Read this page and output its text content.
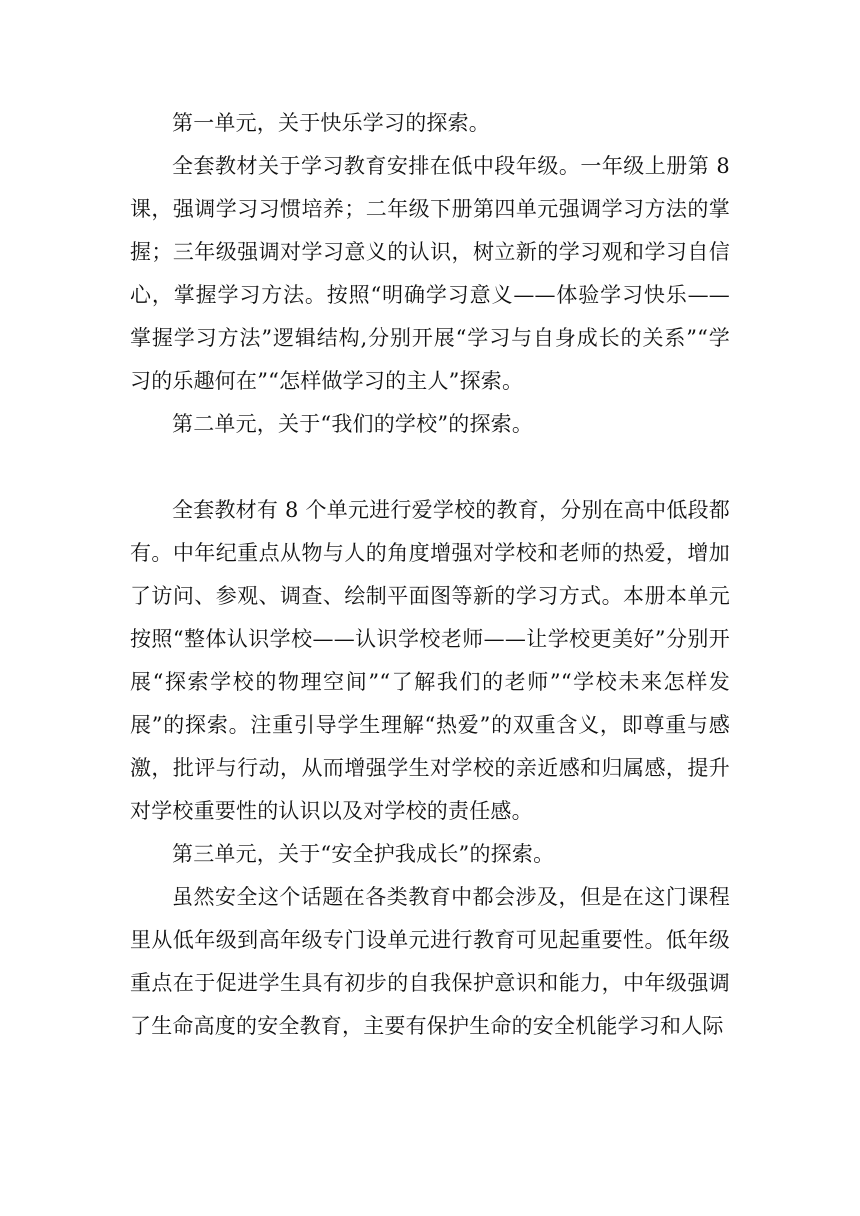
第一单元，关于快乐学习的探索。

全套教材关于学习教育安排在低中段年级。一年级上册第 8 课，强调学习习惯培养；二年级下册第四单元强调学习方法的掌握；三年级强调对学习意义的认识，树立新的学习观和学习自信心，掌握学习方法。按照“明确学习意义——体验学习快乐——掌握学习方法”逻辑结构,分别开展“学习与自身成长的关系”“学习的乐趣何在”“怎样做学习的主人”探索。

第二单元，关于“我们的学校”的探索。

全套教材有 8 个单元进行爱学校的教育，分别在高中低段都有。中年纪重点从物与人的角度增强对学校和老师的热爱，增加了访问、参观、调查、绘制平面图等新的学习方式。本册本单元按照“整体认识学校——认识学校老师——让学校更美好”分别开展“探索学校的物理空间”“了解我们的老师”“学校未来怎样发展”的探索。注重引导学生理解“热爱”的双重含义，即尊重与感激，批评与行动，从而增强学生对学校的亲近感和归属感，提升对学校重要性的认识以及对学校的责任感。

第三单元，关于“安全护我成长”的探索。

虽然安全这个话题在各类教育中都会涉及，但是在这门课程里从低年级到高年级专门设单元进行教育可见起重要性。低年级重点在于促进学生具有初步的自我保护意识和能力，中年级强调了生命高度的安全教育，主要有保护生命的安全机能学习和人际
